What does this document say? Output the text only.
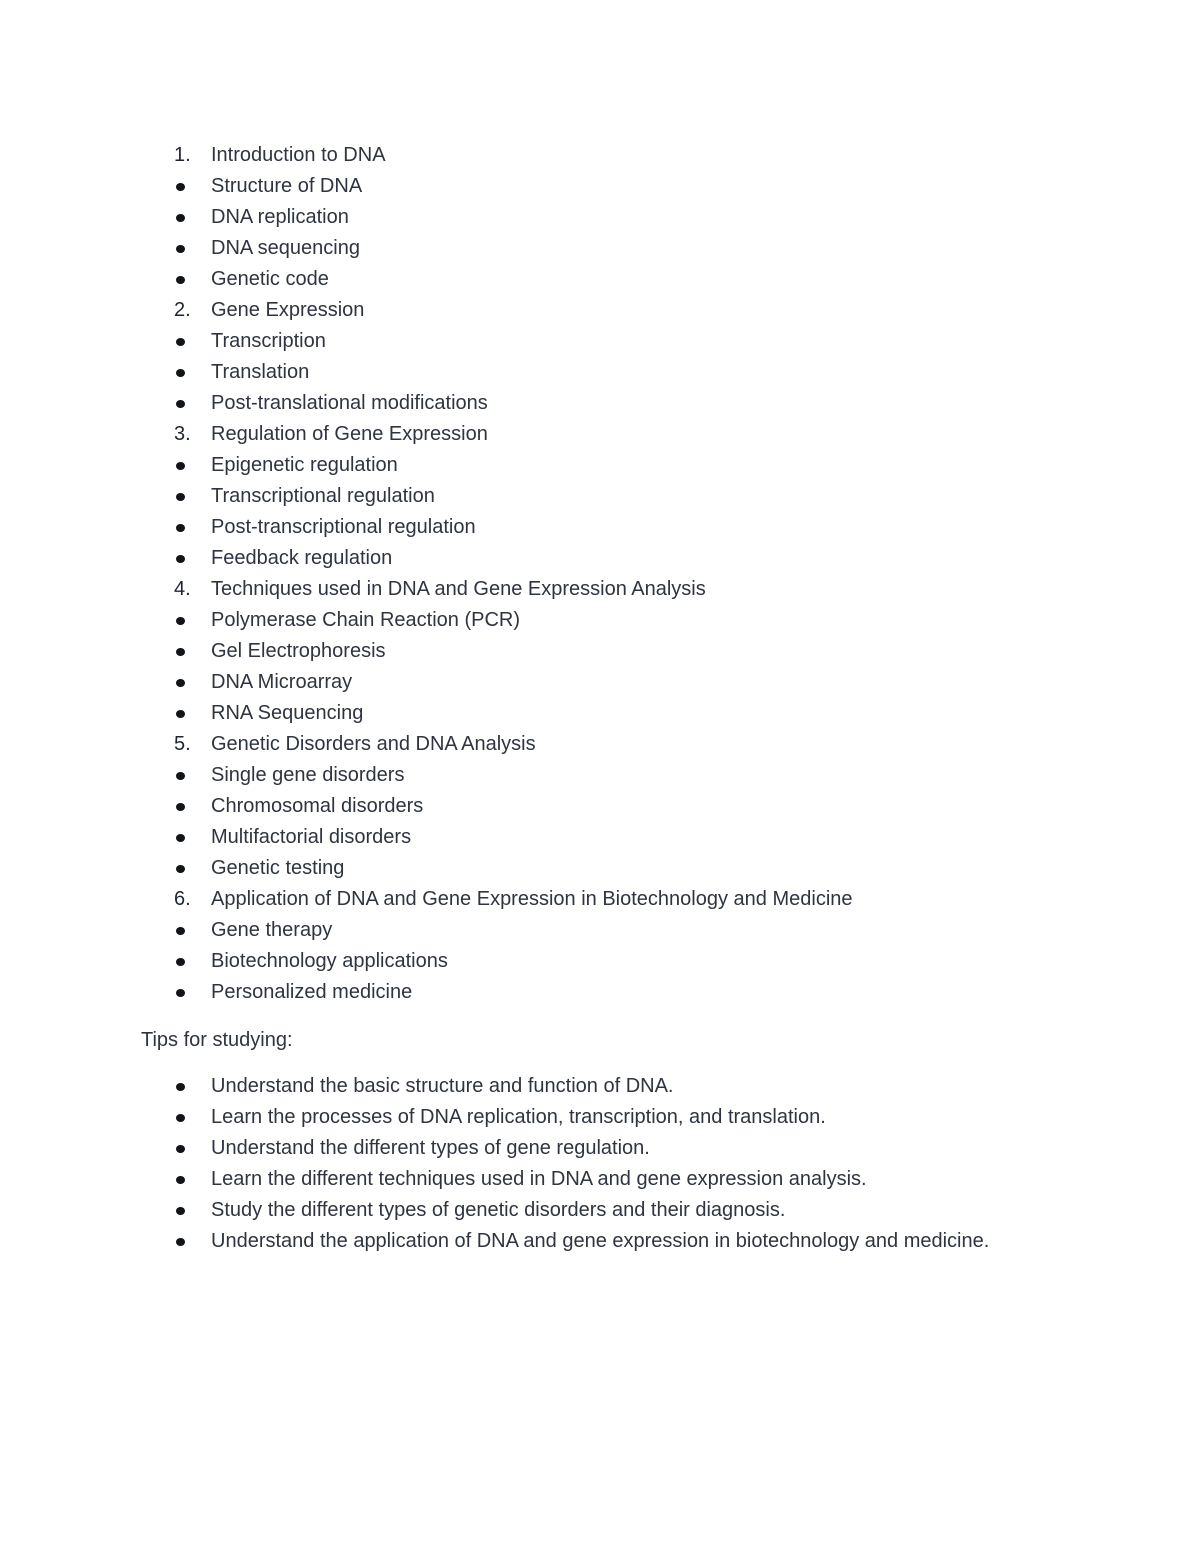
1.	Introduction to DNA
Structure of DNA
DNA replication
DNA sequencing
Genetic code
2.	Gene Expression
Transcription
Translation
Post-translational modifications
3.	Regulation of Gene Expression
Epigenetic regulation
Transcriptional regulation
Post-transcriptional regulation
Feedback regulation
4.	Techniques used in DNA and Gene Expression Analysis
Polymerase Chain Reaction (PCR)
Gel Electrophoresis
DNA Microarray
RNA Sequencing
5.	Genetic Disorders and DNA Analysis
Single gene disorders
Chromosomal disorders
Multifactorial disorders
Genetic testing
6.	Application of DNA and Gene Expression in Biotechnology and Medicine
Gene therapy
Biotechnology applications
Personalized medicine

Tips for studying:

Understand the basic structure and function of DNA.
Learn the processes of DNA replication, transcription, and translation.
Understand the different types of gene regulation.
Learn the different techniques used in DNA and gene expression analysis.
Study the different types of genetic disorders and their diagnosis.
Understand the application of DNA and gene expression in biotechnology and medicine.
